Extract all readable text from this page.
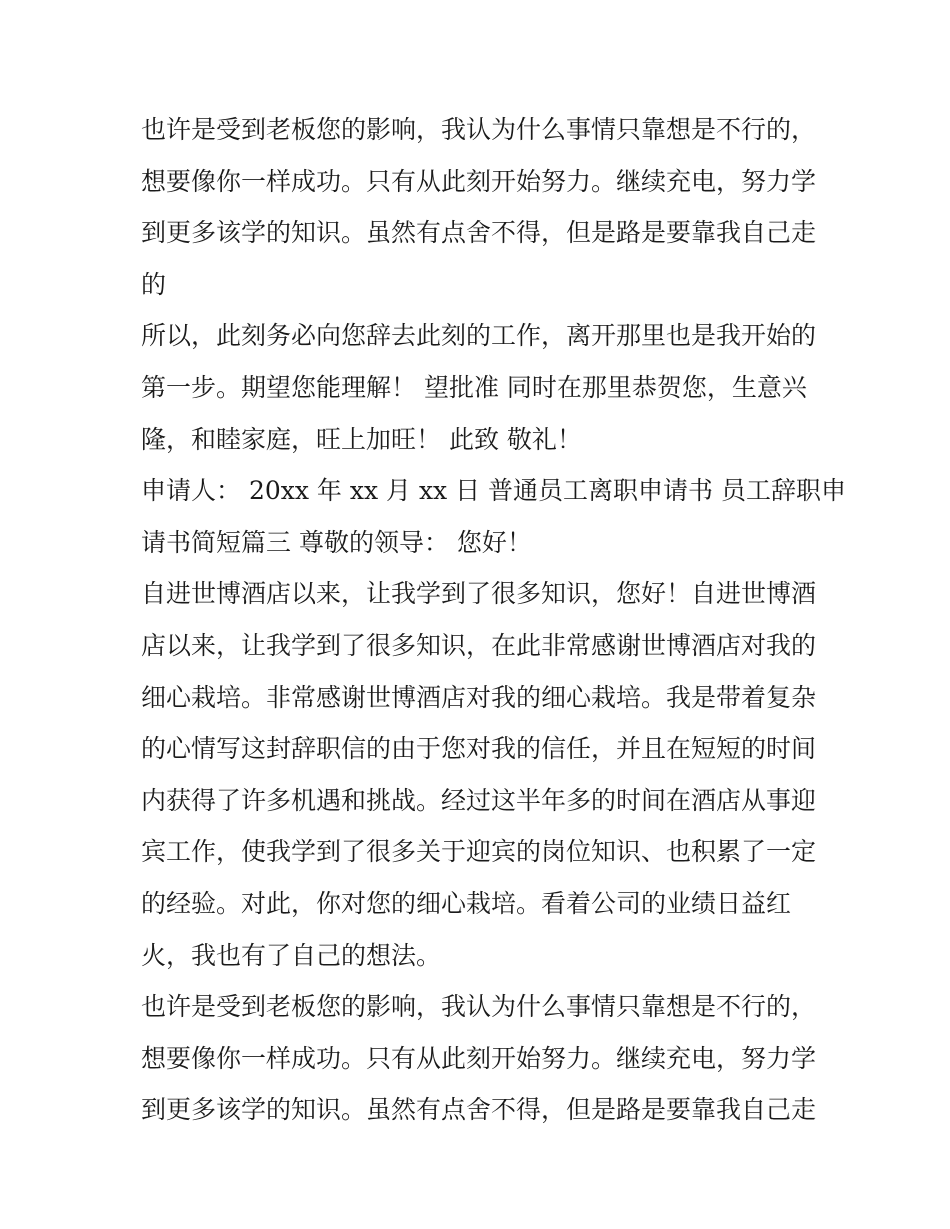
也许是受到老板您的影响，我认为什么事情只靠想是不行的，
想要像你一样成功。只有从此刻开始努力。继续充电，努力学
到更多该学的知识。虽然有点舍不得，但是路是要靠我自己走
的
所以，此刻务必向您辞去此刻的工作，离开那里也是我开始的
第一步。期望您能理解！ 望批准 同时在那里恭贺您，生意兴
隆，和睦家庭，旺上加旺！ 此致 敬礼！
申请人： 20xx 年 xx 月 xx 日 普通员工离职申请书 员工辞职申
请书简短篇三 尊敬的领导： 您好！
自进世博酒店以来，让我学到了很多知识，您好！自进世博酒
店以来，让我学到了很多知识，在此非常感谢世博酒店对我的
细心栽培。非常感谢世博酒店对我的细心栽培。我是带着复杂
的心情写这封辞职信的由于您对我的信任，并且在短短的时间
内获得了许多机遇和挑战。经过这半年多的时间在酒店从事迎
宾工作，使我学到了很多关于迎宾的岗位知识、也积累了一定
的经验。对此，你对您的细心栽培。看着公司的业绩日益红
火，我也有了自己的想法。
也许是受到老板您的影响，我认为什么事情只靠想是不行的，
想要像你一样成功。只有从此刻开始努力。继续充电，努力学
到更多该学的知识。虽然有点舍不得，但是路是要靠我自己走
